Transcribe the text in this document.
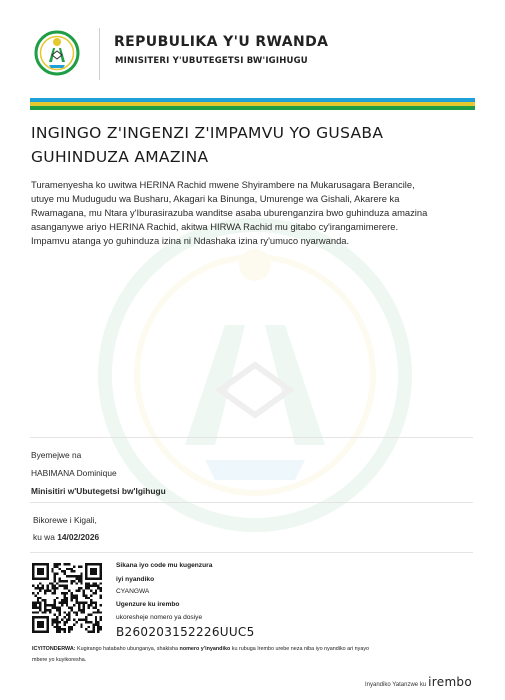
REPUBULIKA Y'U RWANDA
MINISITERI Y'UBUTEGETSI BW'IGIHUGU
INGINGO Z'INGENZI Z'IMPAMVU YO GUSABA
GUHINDUZA AMAZINA
Turamenyesha ko uwitwa HERINA Rachid mwene Shyirambere na Mukarusagara Berancile,
utuye mu Mudugudu wa Busharu, Akagari ka Binunga, Umurenge wa Gishali, Akarere ka
Rwamagana, mu Ntara y'Iburasirazuba wanditse asaba uburenganzira bwo guhinduza amazina
asanganywe ariyo HERINA Rachid, akitwa HIRWA Rachid mu gitabo cy'irangamimerere.
Impamvu atanga yo guhinduza izina ni Ndashaka izina ry'umuco nyarwanda.
Byemejwe na
HABIMANA Dominique
Minisitiri w'Ubutegetsi bw'Igihugu
Bikorewe i Kigali,
ku wa 14/02/2026
Sikana iyo code mu kugenzura
iyi nyandiko
CYANGWA
Ugenzure ku irembo
ukoresheje nomero ya dosiye
B260203152226UUC5
ICYITONDERWA: Kugirango hatabaho ubunganya, shakisha nomero y'inyandiko ku rubuga Irembo urebe neza niba iyo nyandiko ari nyayo
mbere yo kuyikoresha.
Inyandiko Yatanzwe ku irembo
